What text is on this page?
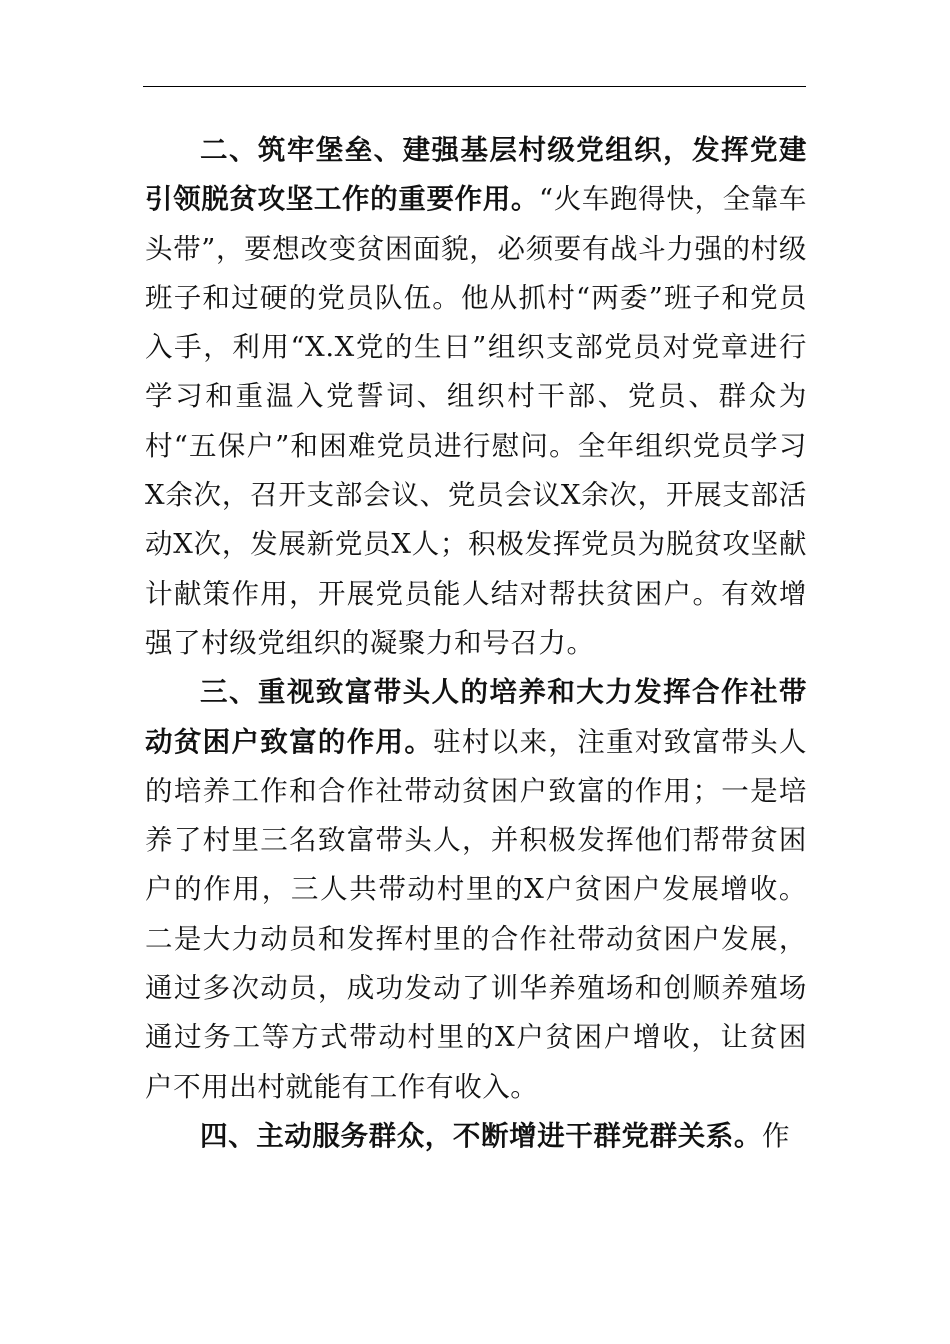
二、筑牢堡垒、建强基层村级党组织，发挥党建引领脱贫攻坚工作的重要作用。“火车跑得快，全靠车头带”，要想改变贫困面貌，必须要有战斗力强的村级班子和过硬的党员队伍。他从抓村“两委”班子和党员入手，利用“X.X党的生日”组织支部党员对党章进行学习和重温入党誓词、组织村干部、党员、群众为村“五保户”和困难党员进行慰问。全年组织党员学习X余次，召开支部会议、党员会议X余次，开展支部活动X次，发展新党员X人；积极发挥党员为脱贫攻坚献计献策作用，开展党员能人结对帮扶贫困户。有效增强了村级党组织的凝聚力和号召力。

三、重视致富带头人的培养和大力发挥合作社带动贫困户致富的作用。驻村以来，注重对致富带头人的培养工作和合作社带动贫困户致富的作用；一是培养了村里三名致富带头人，并积极发挥他们帮带贫困户的作用，三人共带动村里的X户贫困户发展增收。二是大力动员和发挥村里的合作社带动贫困户发展，通过多次动员，成功发动了训华养殖场和创顺养殖场通过务工等方式带动村里的X户贫困户增收，让贫困户不用出村就能有工作有收入。

四、主动服务群众，不断增进干群党群关系。作
